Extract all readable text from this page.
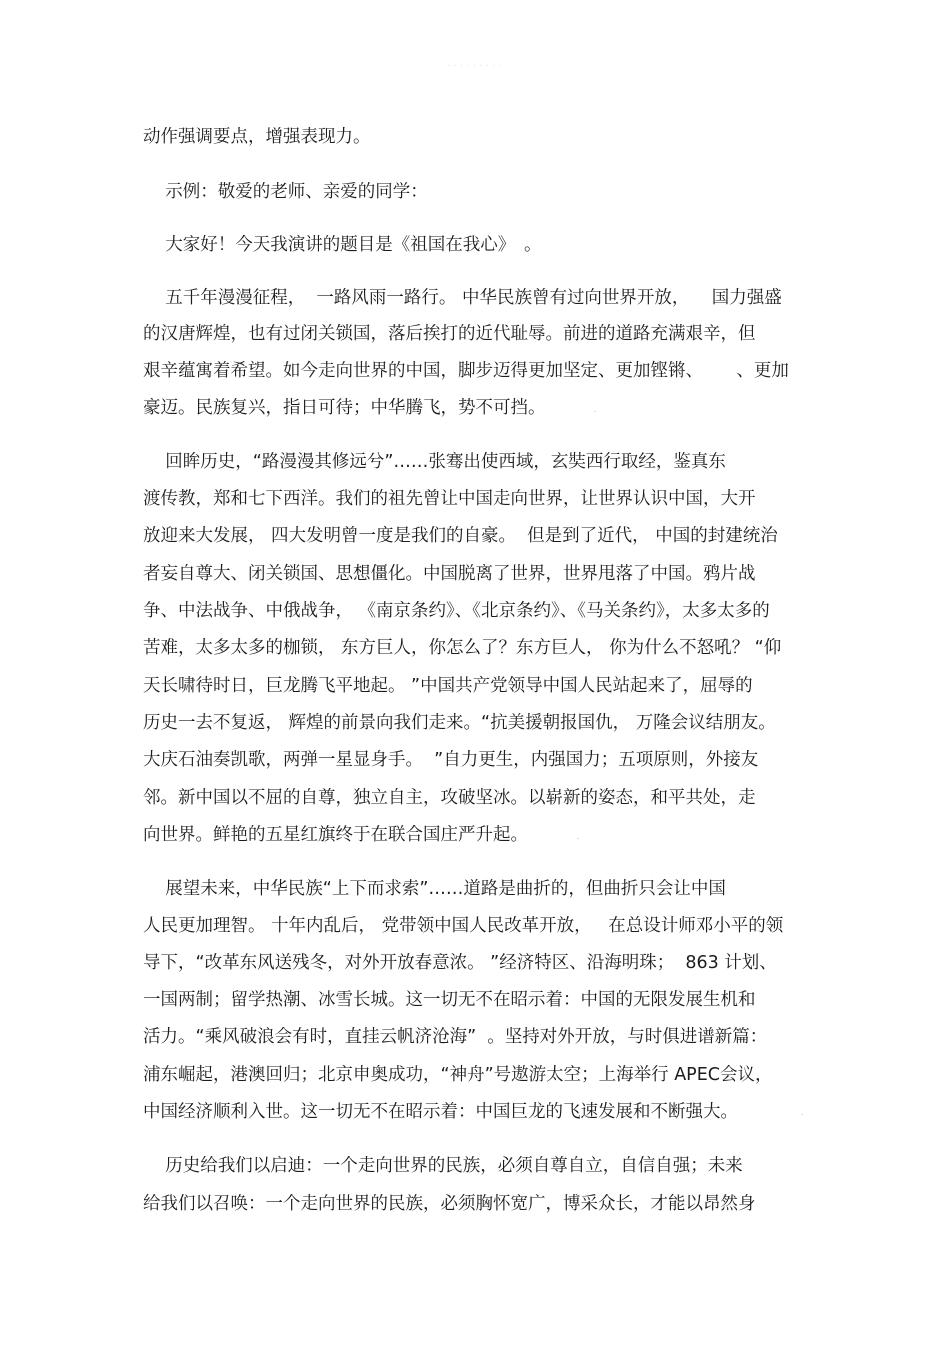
· · · · · · · · ·
动作强调要点，增强表现力。
示例：敬爱的老师、亲爱的同学：
大家好！今天我演讲的题目是《祖国在我心》　。
五千年漫漫征程，  一路风雨一路行。 中华民族曾有过向世界开放，    国力强盛
的汉唐辉煌，也有过闭关锁国，落后挨打的近代耻辱。前进的道路充满艰辛，但
艰辛蕴寓着希望。如今走向世界的中国，脚步迈得更加坚定、更加铿锵、      、更加
豪迈。民族复兴，指日可待；中华腾飞，势不可挡。
回眸历史，“路漫漫其修远兮”……张骞出使西域，玄奘西行取经，鉴真东
渡传教，郑和七下西洋。我们的祖先曾让中国走向世界，让世界认识中国，大开
放迎来大发展， 四大发明曾一度是我们的自豪。  但是到了近代， 中国的封建统治
者妄自尊大、闭关锁国、思想僵化。中国脱离了世界，世界甩落了中国。鸦片战
争、中法战争、中俄战争， 《南京条约》、《北京条约》、《马关条约》，太多太多的
苦难，太多太多的枷锁， 东方巨人，你怎么了？东方巨人， 你为什么不怒吼？ “仰
天长啸待时日，巨龙腾飞平地起。 ”中国共产党领导中国人民站起来了，屈辱的
历史一去不复返， 辉煌的前景向我们走来。“抗美援朝报国仇， 万隆会议结朋友。
大庆石油奏凯歌，两弹一星显身手。  ”自力更生，内强国力；五项原则，外接友
邻。新中国以不屈的自尊，独立自主，攻破坚冰。以崭新的姿态，和平共处，走
向世界。鲜艳的五星红旗终于在联合国庄严升起。
展望未来，中华民族“上下而求索”……道路是曲折的，但曲折只会让中国
人民更加理智。 十年内乱后， 党带领中国人民改革开放，   在总设计师邓小平的领
导下，“改革东风送残冬，对外开放春意浓。 ”经济特区、沿海明珠；  863 计划、
一国两制；留学热潮、冰雪长城。这一切无不在昭示着：中国的无限发展生机和
活力。“乘风破浪会有时，直挂云帆济沧海”  。坚持对外开放，与时俱进谱新篇：
浦东崛起，港澳回归；北京申奥成功，“神舟”号遨游太空；上海举行 APEC会议，
中国经济顺利入世。这一切无不在昭示着：中国巨龙的飞速发展和不断强大。
历史给我们以启迪：一个走向世界的民族，必须自尊自立，自信自强；未来
给我们以召唤：一个走向世界的民族，必须胸怀宽广，博采众长，才能以昂然身
